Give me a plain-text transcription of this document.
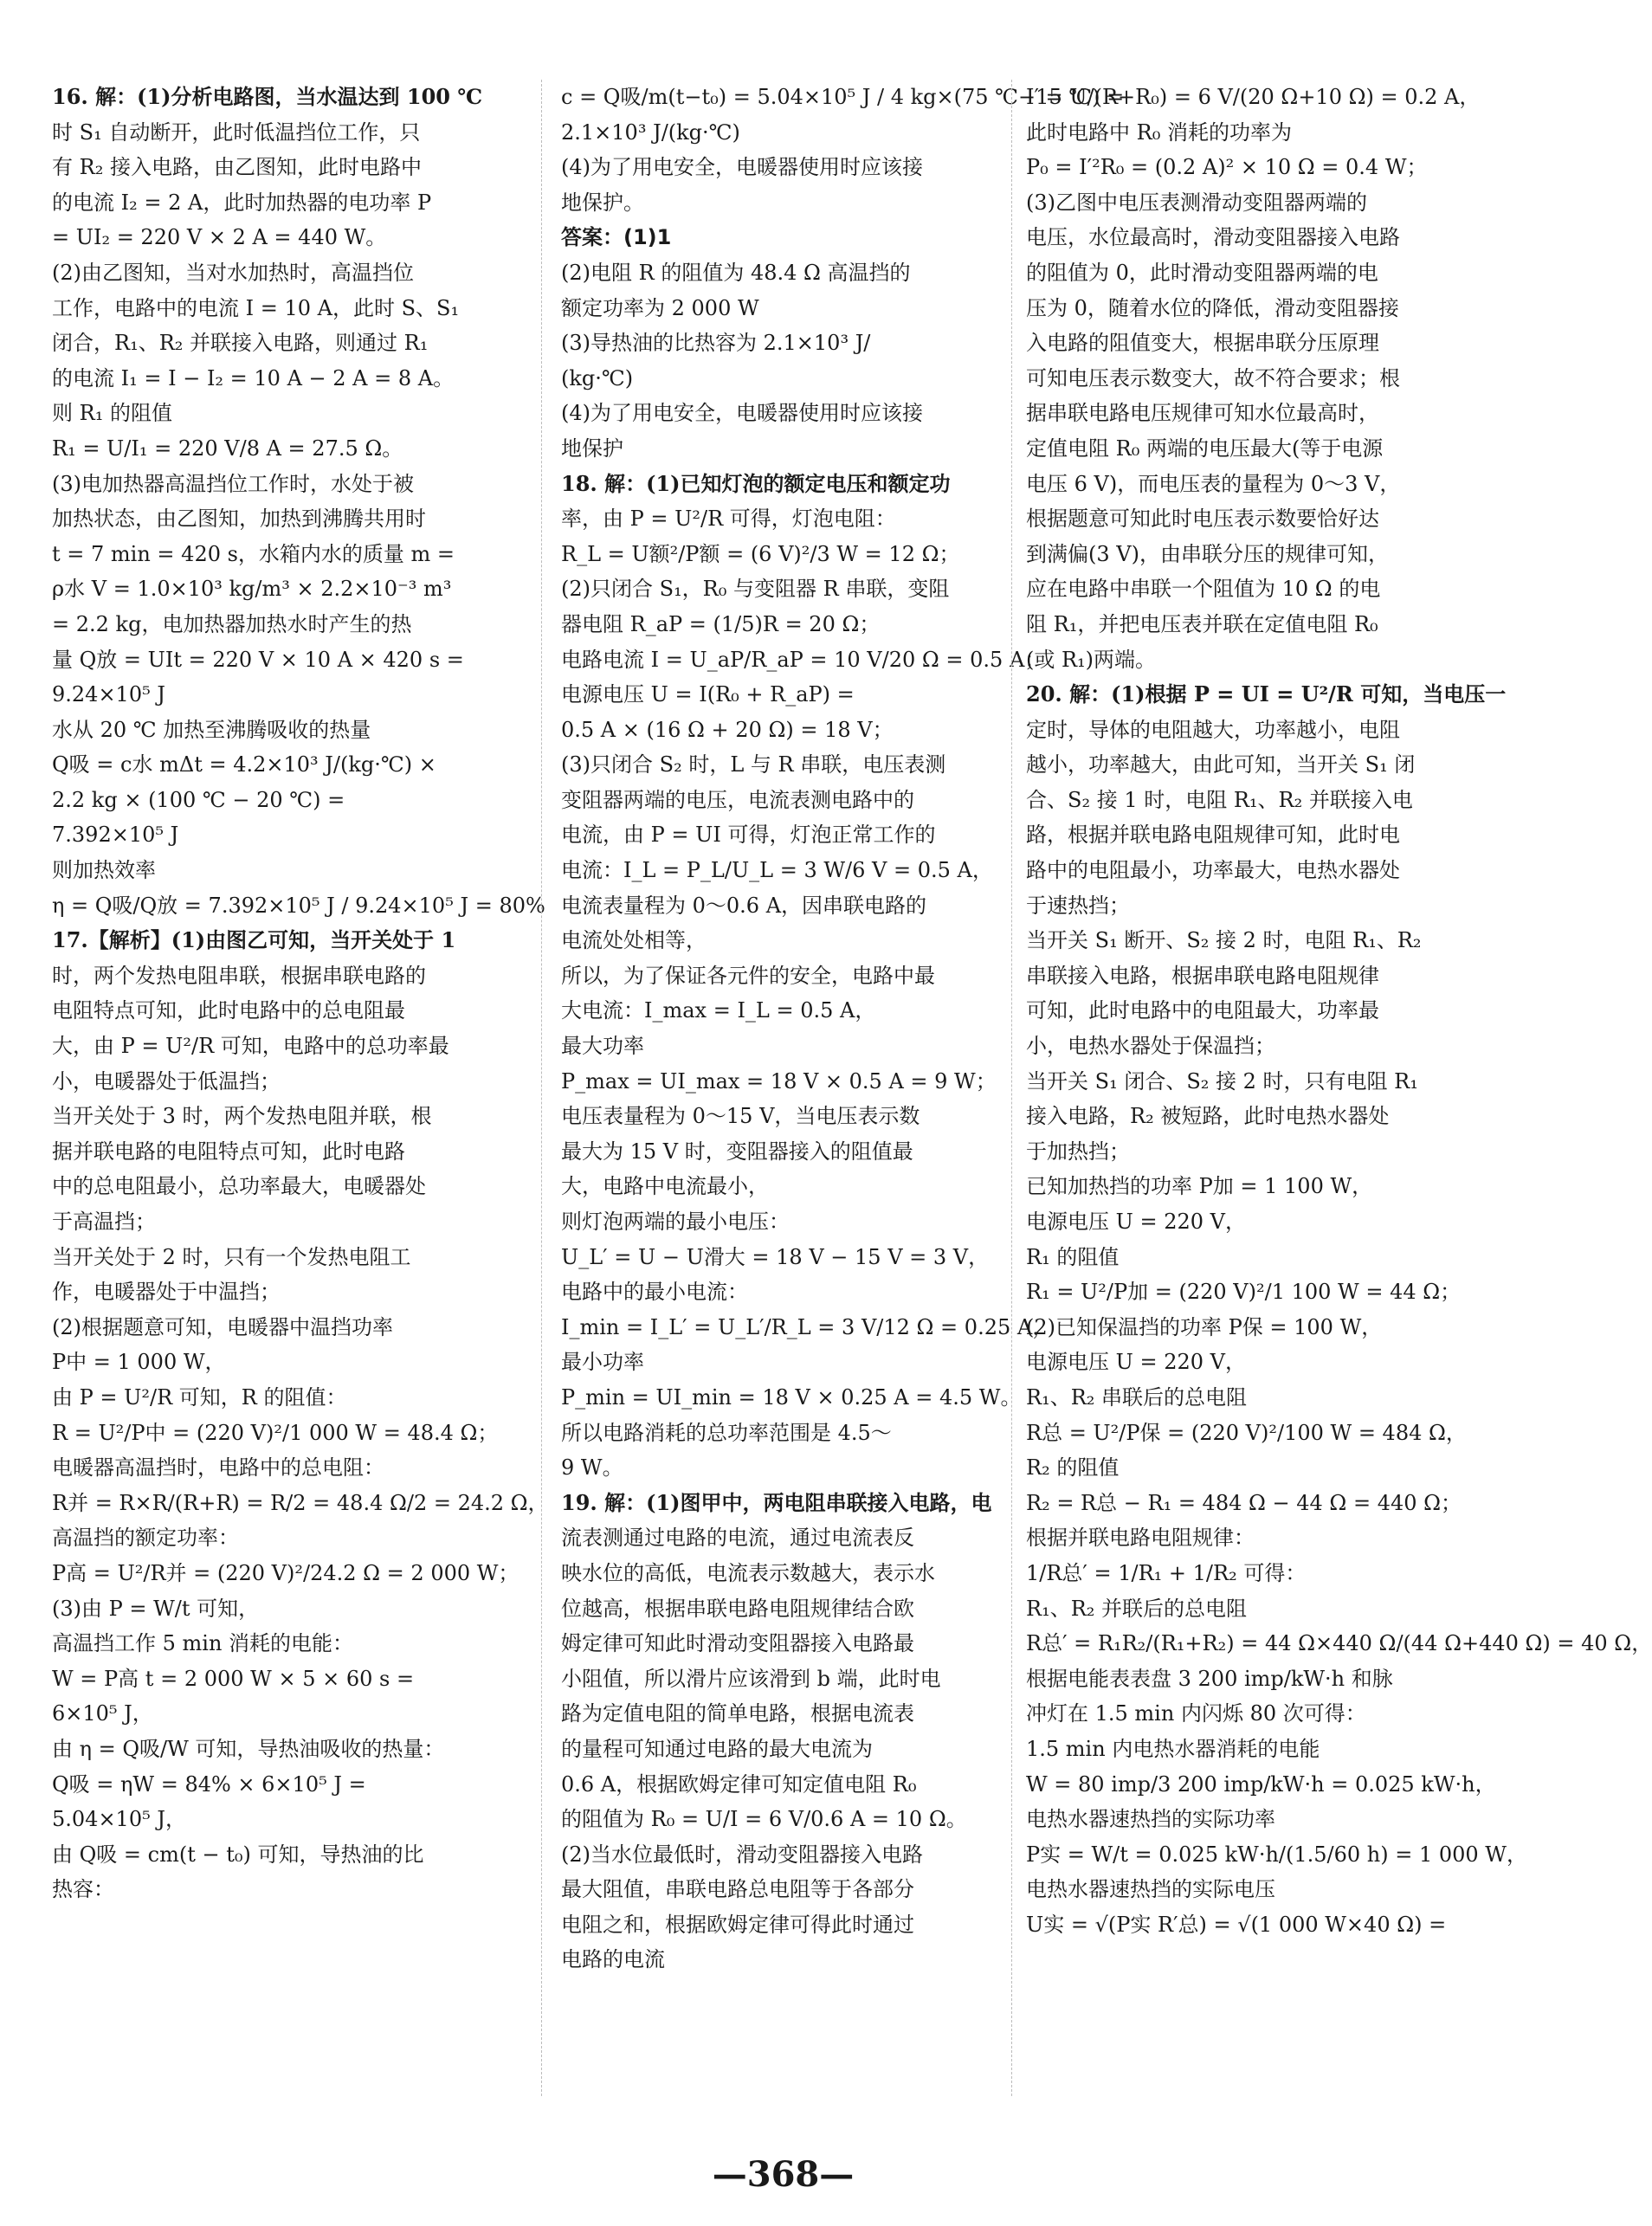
16. 解：(1)分析电路图，当水温达到 100 ℃
时 S₁ 自动断开，此时低温挡位工作，只
有 R₂ 接入电路，由乙图知，此时电路中
的电流 I₂ = 2 A，此时加热器的电功率 P
= UI₂ = 220 V × 2 A = 440 W。
(2)由乙图知，当对水加热时，高温挡位
工作，电路中的电流 I = 10 A，此时 S、S₁
闭合，R₁、R₂ 并联接入电路，则通过 R₁
的电流 I₁ = I − I₂ = 10 A − 2 A = 8 A。
则 R₁ 的阻值
R₁ = U/I₁ = 220 V/8 A = 27.5 Ω。
(3)电加热器高温挡位工作时，水处于被
加热状态，由乙图知，加热到沸腾共用时
t = 7 min = 420 s，水箱内水的质量 m =
ρ水 V = 1.0×10³ kg/m³ × 2.2×10⁻³ m³
= 2.2 kg，电加热器加热水时产生的热
量 Q放 = UIt = 220 V × 10 A × 420 s =
9.24×10⁵ J
水从 20 ℃ 加热至沸腾吸收的热量
Q吸 = c水 mΔt = 4.2×10³ J/(kg·℃) ×
2.2 kg × (100 ℃ − 20 ℃) =
7.392×10⁵ J
则加热效率
η = Q吸/Q放 = 7.392×10⁵ J / 9.24×10⁵ J = 80%
17.【解析】(1)由图乙可知，当开关处于 1
时，两个发热电阻串联，根据串联电路的
电阻特点可知，此时电路中的总电阻最
大，由 P = U²/R 可知，电路中的总功率最
小，电暖器处于低温挡；
当开关处于 3 时，两个发热电阻并联，根
据并联电路的电阻特点可知，此时电路
中的总电阻最小，总功率最大，电暖器处
于高温挡；
当开关处于 2 时，只有一个发热电阻工
作，电暖器处于中温挡；
(2)根据题意可知，电暖器中温挡功率
P中 = 1 000 W，
由 P = U²/R 可知，R 的阻值：
R = U²/P中 = (220 V)²/1 000 W = 48.4 Ω；
电暖器高温挡时，电路中的总电阻：
R并 = R×R/(R+R) = R/2 = 48.4 Ω/2 = 24.2 Ω，
高温挡的额定功率：
P高 = U²/R并 = (220 V)²/24.2 Ω = 2 000 W；
(3)由 P = W/t 可知，
高温挡工作 5 min 消耗的电能：
W = P高 t = 2 000 W × 5 × 60 s =
6×10⁵ J，
由 η = Q吸/W 可知，导热油吸收的热量：
Q吸 = ηW = 84% × 6×10⁵ J =
5.04×10⁵ J，
由 Q吸 = cm(t − t₀) 可知，导热油的比
热容：
c = Q吸/m(t−t₀) = 5.04×10⁵ J / 4 kg×(75 ℃−15 ℃) =
2.1×10³ J/(kg·℃)
(4)为了用电安全，电暖器使用时应该接
地保护。
答案：(1)1
(2)电阻 R 的阻值为 48.4 Ω 高温挡的
额定功率为 2 000 W
(3)导热油的比热容为 2.1×10³ J/
(kg·℃)
(4)为了用电安全，电暖器使用时应该接
地保护
18. 解：(1)已知灯泡的额定电压和额定功
率，由 P = U²/R 可得，灯泡电阻：
R_L = U额²/P额 = (6 V)²/3 W = 12 Ω；
(2)只闭合 S₁，R₀ 与变阻器 R 串联，变阻
器电阻 R_aP = (1/5)R = 20 Ω；
电路电流 I = U_aP/R_aP = 10 V/20 Ω = 0.5 A；
电源电压 U = I(R₀ + R_aP) =
0.5 A × (16 Ω + 20 Ω) = 18 V；
(3)只闭合 S₂ 时，L 与 R 串联，电压表测
变阻器两端的电压，电流表测电路中的
电流，由 P = UI 可得，灯泡正常工作的
电流：I_L = P_L/U_L = 3 W/6 V = 0.5 A，
电流表量程为 0～0.6 A，因串联电路的
电流处处相等，
所以，为了保证各元件的安全，电路中最
大电流：I_max = I_L = 0.5 A，
最大功率
P_max = UI_max = 18 V × 0.5 A = 9 W；
电压表量程为 0～15 V，当电压表示数
最大为 15 V 时，变阻器接入的阻值最
大，电路中电流最小，
则灯泡两端的最小电压：
U_L′ = U − U滑大 = 18 V − 15 V = 3 V，
电路中的最小电流：
I_min = I_L′ = U_L′/R_L = 3 V/12 Ω = 0.25 A，
最小功率
P_min = UI_min = 18 V × 0.25 A = 4.5 W。
所以电路消耗的总功率范围是 4.5～
9 W。
19. 解：(1)图甲中，两电阻串联接入电路，电
流表测通过电路的电流，通过电流表反
映水位的高低，电流表示数越大，表示水
位越高，根据串联电路电阻规律结合欧
姆定律可知此时滑动变阻器接入电路最
小阻值，所以滑片应该滑到 b 端，此时电
路为定值电阻的简单电路，根据电流表
的量程可知通过电路的最大电流为
0.6 A，根据欧姆定律可知定值电阻 R₀
的阻值为 R₀ = U/I = 6 V/0.6 A = 10 Ω。
(2)当水位最低时，滑动变阻器接入电路
最大阻值，串联电路总电阻等于各部分
电阻之和，根据欧姆定律可得此时通过
电路的电流
I′ = U/(R+R₀) = 6 V/(20 Ω+10 Ω) = 0.2 A，
此时电路中 R₀ 消耗的功率为
P₀ = I′²R₀ = (0.2 A)² × 10 Ω = 0.4 W；
(3)乙图中电压表测滑动变阻器两端的
电压，水位最高时，滑动变阻器接入电路
的阻值为 0，此时滑动变阻器两端的电
压为 0，随着水位的降低，滑动变阻器接
入电路的阻值变大，根据串联分压原理
可知电压表示数变大，故不符合要求；根
据串联电路电压规律可知水位最高时，
定值电阻 R₀ 两端的电压最大(等于电源
电压 6 V)，而电压表的量程为 0～3 V，
根据题意可知此时电压表示数要恰好达
到满偏(3 V)，由串联分压的规律可知，
应在电路中串联一个阻值为 10 Ω 的电
阻 R₁，并把电压表并联在定值电阻 R₀
(或 R₁)两端。
20. 解：(1)根据 P = UI = U²/R 可知，当电压一
定时，导体的电阻越大，功率越小，电阻
越小，功率越大，由此可知，当开关 S₁ 闭
合、S₂ 接 1 时，电阻 R₁、R₂ 并联接入电
路，根据并联电路电阻规律可知，此时电
路中的电阻最小，功率最大，电热水器处
于速热挡；
当开关 S₁ 断开、S₂ 接 2 时，电阻 R₁、R₂
串联接入电路，根据串联电路电阻规律
可知，此时电路中的电阻最大，功率最
小，电热水器处于保温挡；
当开关 S₁ 闭合、S₂ 接 2 时，只有电阻 R₁
接入电路，R₂ 被短路，此时电热水器处
于加热挡；
已知加热挡的功率 P加 = 1 100 W，
电源电压 U = 220 V，
R₁ 的阻值
R₁ = U²/P加 = (220 V)²/1 100 W = 44 Ω；
(2)已知保温挡的功率 P保 = 100 W，
电源电压 U = 220 V，
R₁、R₂ 串联后的总电阻
R总 = U²/P保 = (220 V)²/100 W = 484 Ω，
R₂ 的阻值
R₂ = R总 − R₁ = 484 Ω − 44 Ω = 440 Ω；
根据并联电路电阻规律：
1/R总′ = 1/R₁ + 1/R₂ 可得：
R₁、R₂ 并联后的总电阻
R总′ = R₁R₂/(R₁+R₂) = 44 Ω×440 Ω/(44 Ω+440 Ω) = 40 Ω，
根据电能表表盘 3 200 imp/kW·h 和脉
冲灯在 1.5 min 内闪烁 80 次可得：
1.5 min 内电热水器消耗的电能
W = 80 imp/3 200 imp/kW·h = 0.025 kW·h，
电热水器速热挡的实际功率
P实 = W/t = 0.025 kW·h/(1.5/60 h) = 1 000 W，
电热水器速热挡的实际电压
U实 = √(P实 R′总) = √(1 000 W×40 Ω) =
—368—
